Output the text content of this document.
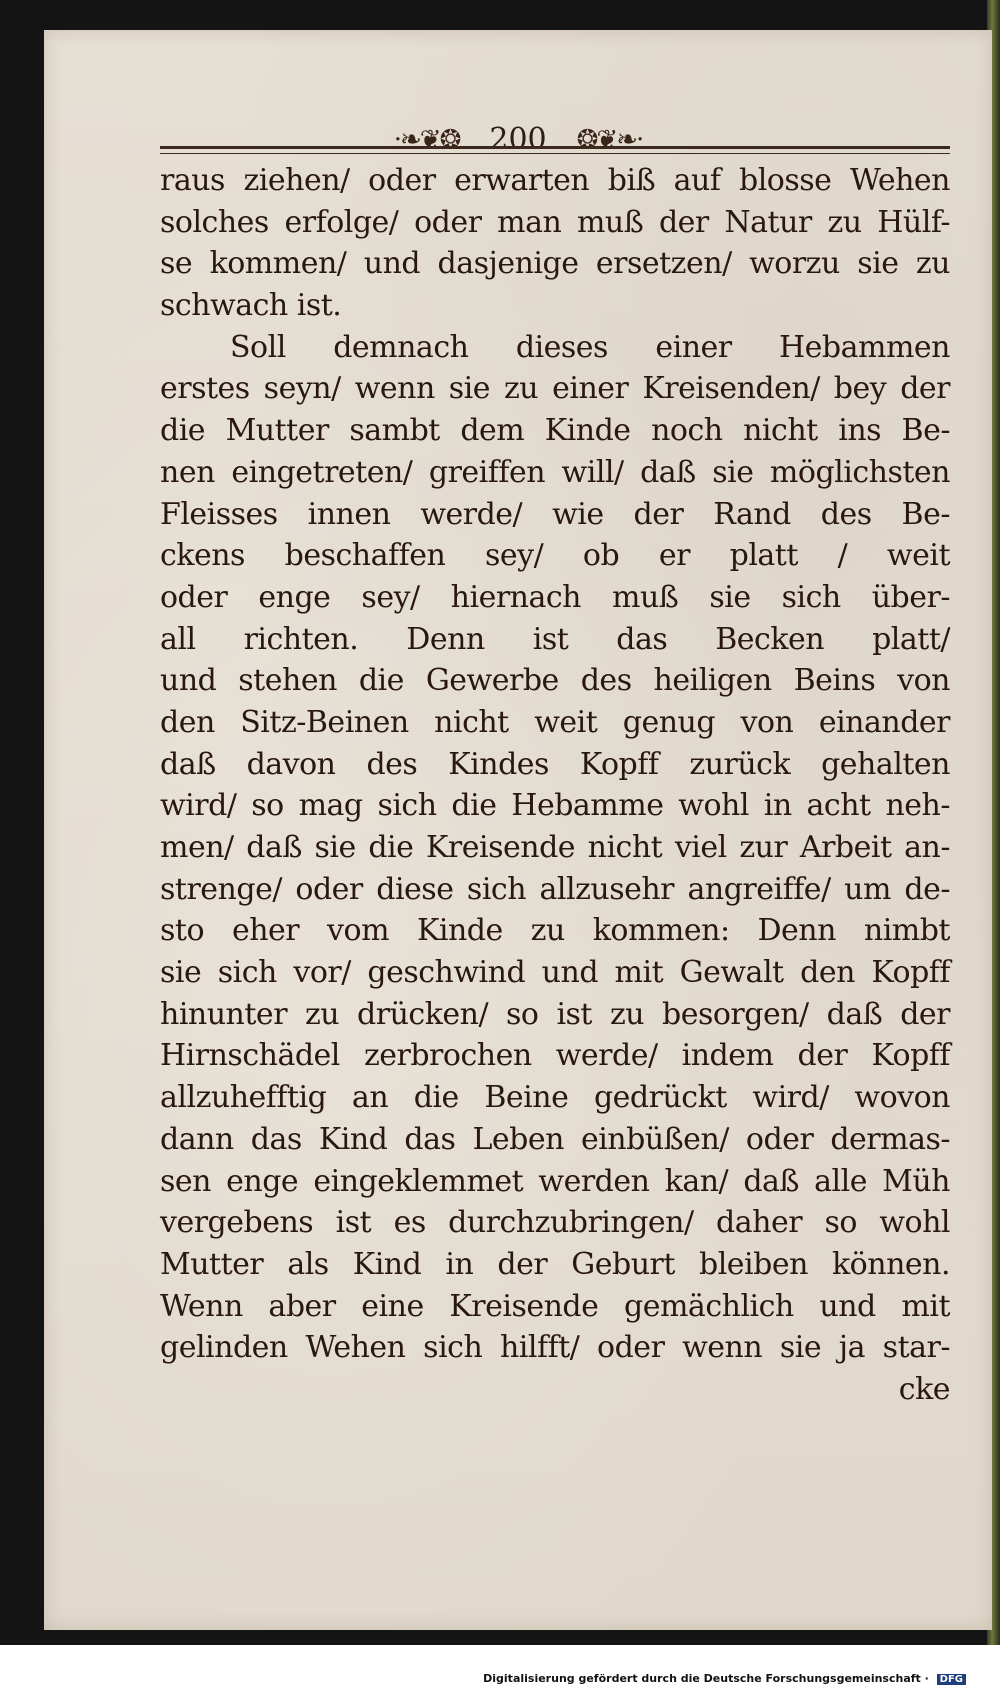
·❧❦❂ 200 ❂❦❧·
raus ziehen/ oder erwarten biß auf blosse Wehen
solches erfolge/ oder man muß der Natur zu Hülf-
se kommen/ und dasjenige ersetzen/ worzu sie zu
schwach ist.
Soll demnach dieses einer Hebammen
erstes seyn/ wenn sie zu einer Kreisenden/ bey der
die Mutter sambt dem Kinde noch nicht ins Be-
nen eingetreten/ greiffen will/ daß sie möglichsten
Fleisses innen werde/ wie der Rand des Be-
ckens beschaffen sey/ ob er platt / weit
oder enge sey/ hiernach muß sie sich über-
all richten. Denn ist das Becken platt/
und stehen die Gewerbe des heiligen Beins von
den Sitz-Beinen nicht weit genug von einander
daß davon des Kindes Kopff zurück gehalten
wird/ so mag sich die Hebamme wohl in acht neh-
men/ daß sie die Kreisende nicht viel zur Arbeit an-
strenge/ oder diese sich allzusehr angreiffe/ um de-
sto eher vom Kinde zu kommen: Denn nimbt
sie sich vor/ geschwind und mit Gewalt den Kopff
hinunter zu drücken/ so ist zu besorgen/ daß der
Hirnschädel zerbrochen werde/ indem der Kopff
allzuhefftig an die Beine gedrückt wird/ wovon
dann das Kind das Leben einbüßen/ oder dermas-
sen enge eingeklemmet werden kan/ daß alle Müh
vergebens ist es durchzubringen/ daher so wohl
Mutter als Kind in der Geburt bleiben können.
Wenn aber eine Kreisende gemächlich und mit
gelinden Wehen sich hilfft/ oder wenn sie ja star-
cke
Digitalisierung gefördert durch die Deutsche Forschungsgemeinschaft · DFG
